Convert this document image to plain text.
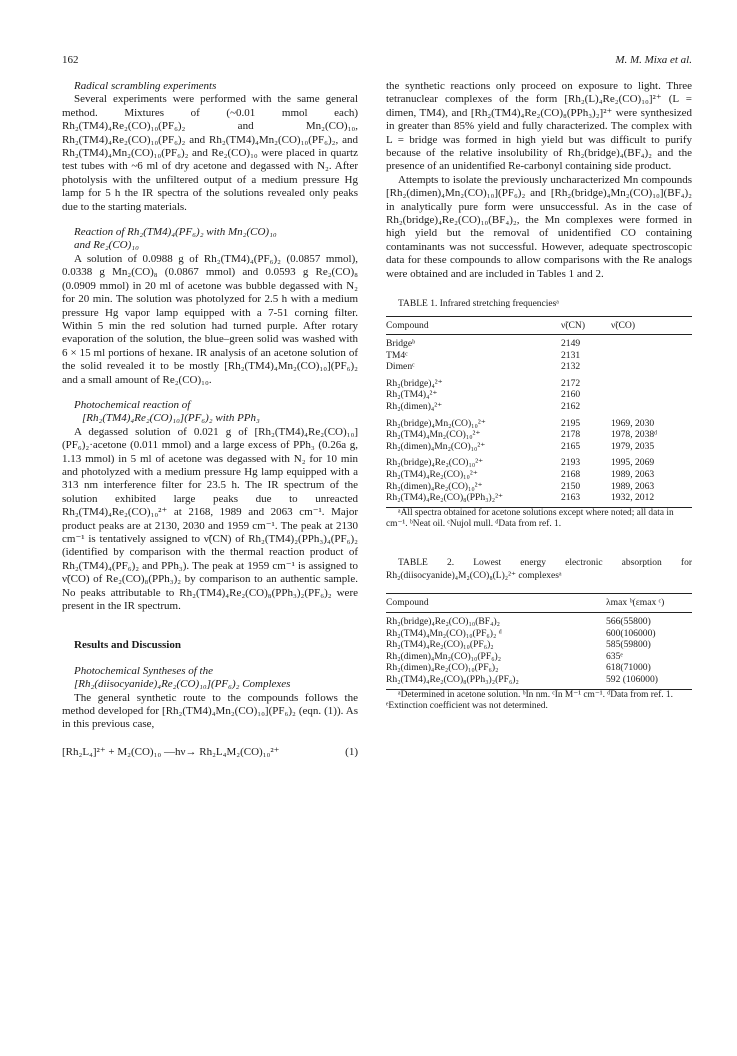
162	M. M. Mixa et al.

Radical scrambling experiments

Several experiments were performed with the same general method. Mixtures of (~0.01 mmol each) Rh₂(TM4)₄Re₂(CO)₁₀(PF₆)₂ and Mn₂(CO)₁₀, Rh₂(TM4)₄Re₂(CO)₁₀(PF₆)₂ and Rh₂(TM4)₄Mn₂(CO)₁₀(PF₆)₂, and Rh₂(TM4)₄Mn₂(CO)₁₀(PF₆)₂ and Re₂(CO)₁₀ were placed in quartz test tubes with ~6 ml of dry acetone and degassed with N₂. After photolysis with the unfiltered output of a medium pressure Hg lamp for 5 h the IR spectra of the solutions revealed only peaks due to the starting materials.

Reaction of Rh₂(TM4)₄(PF₆)₂ with Mn₂(CO)₁₀

and Re₂(CO)₁₀

A solution of 0.0988 g of Rh₂(TM4)₄(PF₆)₂ (0.0857 mmol), 0.0338 g Mn₂(CO)₈ (0.0867 mmol) and 0.0593 g Re₂(CO)₈ (0.0909 mmol) in 20 ml of acetone was bubble degassed with N₂ for 20 min. The solution was photolyzed for 2.5 h with a medium pressure Hg vapor lamp equipped with a 7-51 corning filter. Within 5 min the red solution had turned purple. After rotary evaporation of the solution, the blue–green solid was washed with 6 × 15 ml portions of hexane. IR analysis of an acetone solution of the solid revealed it to be mostly [Rh₂(TM4)₄Mn₂(CO)₁₀](PF₆)₂ and a small amount of Re₂(CO)₁₀.

Photochemical reaction of

[Rh₂(TM4)₄Re₂(CO)₁₀](PF₆)₂ with PPh₃

A degassed solution of 0.021 g of [Rh₂(TM4)₄Re₂(CO)₁₀](PF₆)₂·acetone (0.011 mmol) and a large excess of PPh₃ (0.26a g, 1.13 mmol) in 5 ml of acetone was degassed with N₂ for 10 min and photolyzed with a medium pressure Hg lamp equipped with a 313 nm interference filter for 23.5 h. The IR spectrum of the solution exhibited large peaks due to unreacted Rh₂(TM4)₄Re₂(CO)₁₀²⁺ at 2168, 1989 and 2063 cm⁻¹. Major product peaks are at 2130, 2030 and 1959 cm⁻¹. The peak at 2130 cm⁻¹ is tentatively assigned to ν̃(CN) of Rh₂(TM4)₂(PPh₃)₄(PF₆)₂ (identified by comparison with the thermal reaction product of Rh₂(TM4)₄(PF₆)₂ and PPh₃). The peak at 1959 cm⁻¹ is assigned to ν̃(CO) of Re₂(CO)₈(PPh₃)₂ by comparison to an authentic sample. No peaks attributable to Rh₂(TM4)₄Re₂(CO)₈(PPh₃)₂(PF₆)₂ were present in the IR spectrum.

Results and Discussion

Photochemical Syntheses of the

[Rh₂(diisocyanide)₄Re₂(CO)₁₀](PF₆)₂ Complexes

The general synthetic route to the compounds follows the method developed for [Rh₂(TM4)₄Mn₂(CO)₁₀](PF₆)₂ (eqn. (1)). As in this previous case,

[Rh₂L₄]²⁺ + M₂(CO)₁₀ —hν→ Rh₂L₄M₂(CO)₁₀²⁺	(1)

the synthetic reactions only proceed on exposure to light. Three tetranuclear complexes of the form [Rh₂(L)₄Re₂(CO)₁₀]²⁺ (L = dimen, TM4), and [Rh₂(TM4)₄Re₂(CO)₈(PPh₃)₂]²⁺ were synthesized in greater than 85% yield and fully characterized. The complex with L = bridge was formed in high yield but was difficult to purify because of the relative insolubility of Rh₂(bridge)₄(BF₄)₂ and the presence of an unidentified Re-carbonyl containing side product.

Attempts to isolate the previously uncharacterized Mn compounds [Rh₂(dimen)₄Mn₂(CO)₁₀](PF₆)₂ and [Rh₂(bridge)₄Mn₂(CO)₁₀](BF₄)₂ in analytically pure form were unsuccessful. As in the case of Rh₂(bridge)₄Re₂(CO)₁₀(BF₄)₂, the Mn complexes were formed in high yield but the removal of unidentified CO containing contaminants was not successful. However, adequate spectroscopic data for these compounds to allow comparisons with the Re analogs were obtained and are included in Tables 1 and 2.

TABLE 1. Infrared stretching frequenciesᵃ

Compound	ν̃(CN)	ν̃(CO)
Bridgeᵇ	2149	
TM4ᶜ	2131	
Dimenᶜ	2132	
Rh₂(bridge)₄²⁺	2172	
Rh₂(TM4)₄²⁺	2160	
Rh₂(dimen)₄²⁺	2162	
Rh₂(bridge)₄Mn₂(CO)₁₀²⁺	2195	1969, 2030
Rh₂(TM4)₄Mn₂(CO)₁₀²⁺	2178	1978, 2038ᵈ
Rh₂(dimen)₄Mn₂(CO)₁₀²⁺	2165	1979, 2035
Rh₂(bridge)₄Re₂(CO)₁₀²⁺	2193	1995, 2069
Rh₂(TM4)₄Re₂(CO)₁₀²⁺	2168	1989, 2063
Rh₂(dimen)₄Re₂(CO)₁₀²⁺	2150	1989, 2063
Rh₂(TM4)₄Re₂(CO)₈(PPh₃)₂²⁺	2163	1932, 2012

ᵃAll spectra obtained for acetone solutions except where noted; all data in cm⁻¹. ᵇNeat oil. ᶜNujol mull. ᵈData from ref. 1.

TABLE 2. Lowest energy electronic absorption for Rh₂(diisocyanide)₄M₂(CO)₈(L)₂²⁺ complexesᵃ

Compound	λmax ᵇ(εmax ᶜ)
Rh₂(bridge)₄Re₂(CO)₁₀(BF₄)₂	566(55800)
Rh₂(TM4)₄Mn₂(CO)₁₀(PF₆)₂ ᵈ	600(106000)
Rh₂(TM4)₄Re₂(CO)₁₀(PF₆)₂	585(59800)
Rh₂(dimen)₄Mn₂(CO)₁₀(PF₆)₂	635ᵉ
Rh₂(dimen)₄Re₂(CO)₁₀(PF₆)₂	618(71000)
Rh₂(TM4)₄Re₂(CO)₈(PPh₃)₂(PF₆)₂	592 (106000)

ᵃDetermined in acetone solution. ᵇIn nm. ᶜIn M⁻¹ cm⁻¹. ᵈData from ref. 1. ᵉExtinction coefficient was not determined.
